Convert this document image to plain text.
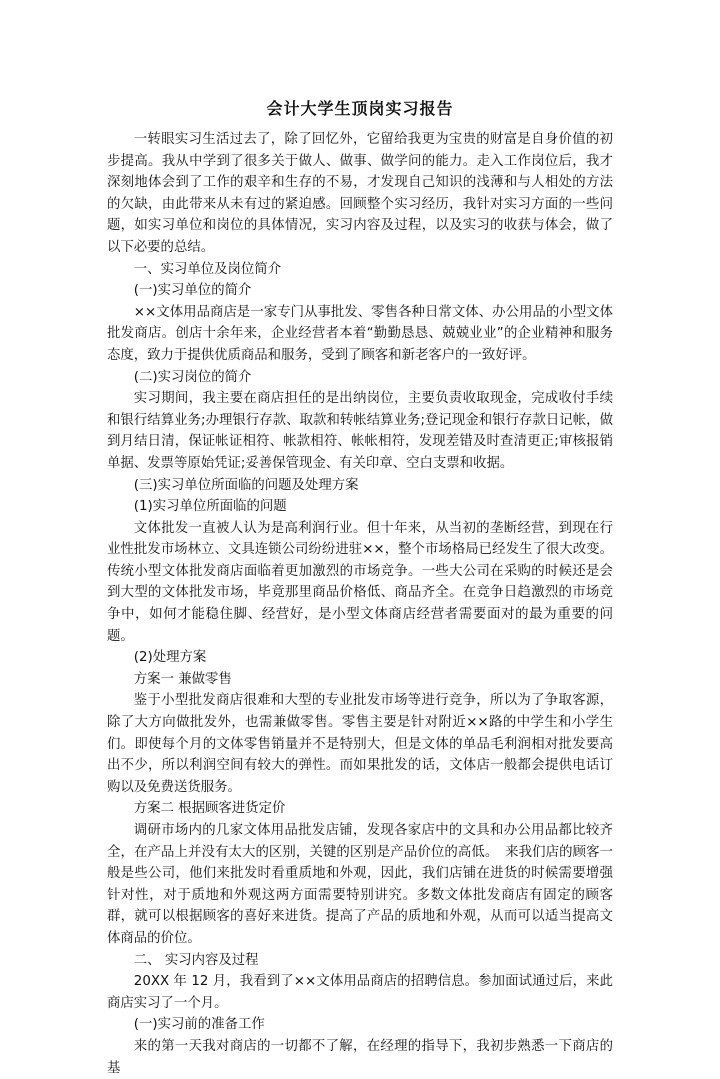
会计大学生顶岗实习报告

一转眼实习生活过去了，除了回忆外，它留给我更为宝贵的财富是自身价值的初步提高。我从中学到了很多关于做人、做事、做学问的能力。走入工作岗位后，我才深刻地体会到了工作的艰辛和生存的不易，才发现自己知识的浅薄和与人相处的方法的欠缺，由此带来从未有过的紧迫感。回顾整个实习经历，我针对实习方面的一些问题，如实习单位和岗位的具体情况，实习内容及过程，以及实习的收获与体会，做了以下必要的总结。

一、实习单位及岗位简介

(一)实习单位的简介

××文体用品商店是一家专门从事批发、零售各种日常文体、办公用品的小型文体批发商店。创店十余年来，企业经营者本着“勤勤恳恳、兢兢业业”的企业精神和服务态度，致力于提供优质商品和服务，受到了顾客和新老客户的一致好评。

(二)实习岗位的简介

实习期间，我主要在商店担任的是出纳岗位，主要负责收取现金，完成收付手续和银行结算业务;办理银行存款、取款和转帐结算业务;登记现金和银行存款日记帐，做到月结日清，保证帐证相符、帐款相符、帐帐相符，发现差错及时查清更正;审核报销单据、发票等原始凭证;妥善保管现金、有关印章、空白支票和收据。

(三)实习单位所面临的问题及处理方案

(1)实习单位所面临的问题

文体批发一直被人认为是高利润行业。但十年来，从当初的垄断经营，到现在行业性批发市场林立、文具连锁公司纷纷进驻××，整个市场格局已经发生了很大改变。传统小型文体批发商店面临着更加激烈的市场竞争。一些大公司在采购的时候还是会到大型的文体批发市场，毕竟那里商品价格低、商品齐全。在竞争日趋激烈的市场竞争中，如何才能稳住脚、经营好，是小型文体商店经营者需要面对的最为重要的问题。

(2)处理方案

方案一 兼做零售

鉴于小型批发商店很难和大型的专业批发市场等进行竞争，所以为了争取客源，除了大方向做批发外，也需兼做零售。零售主要是针对附近××路的中学生和小学生们。即使每个月的文体零售销量并不是特别大，但是文体的单品毛利润相对批发要高出不少，所以利润空间有较大的弹性。而如果批发的话，文体店一般都会提供电话订购以及免费送货服务。

方案二 根据顾客进货定价

调研市场内的几家文体用品批发店铺，发现各家店中的文具和办公用品都比较齐全，在产品上并没有太大的区别，关键的区别是产品价位的高低。　来我们店的顾客一般是些公司，他们来批发时看重质地和外观，因此，我们店铺在进货的时候需要增强针对性，对于质地和外观这两方面需要特别讲究。多数文体批发商店有固定的顾客群，就可以根据顾客的喜好来进货。提高了产品的质地和外观，从而可以适当提高文体商品的价位。

二、 实习内容及过程

20XX 年 12 月，我看到了××文体用品商店的招聘信息。参加面试通过后，来此商店实习了一个月。

(一)实习前的准备工作

来的第一天我对商店的一切都不了解，在经理的指导下，我初步熟悉一下商店的基
